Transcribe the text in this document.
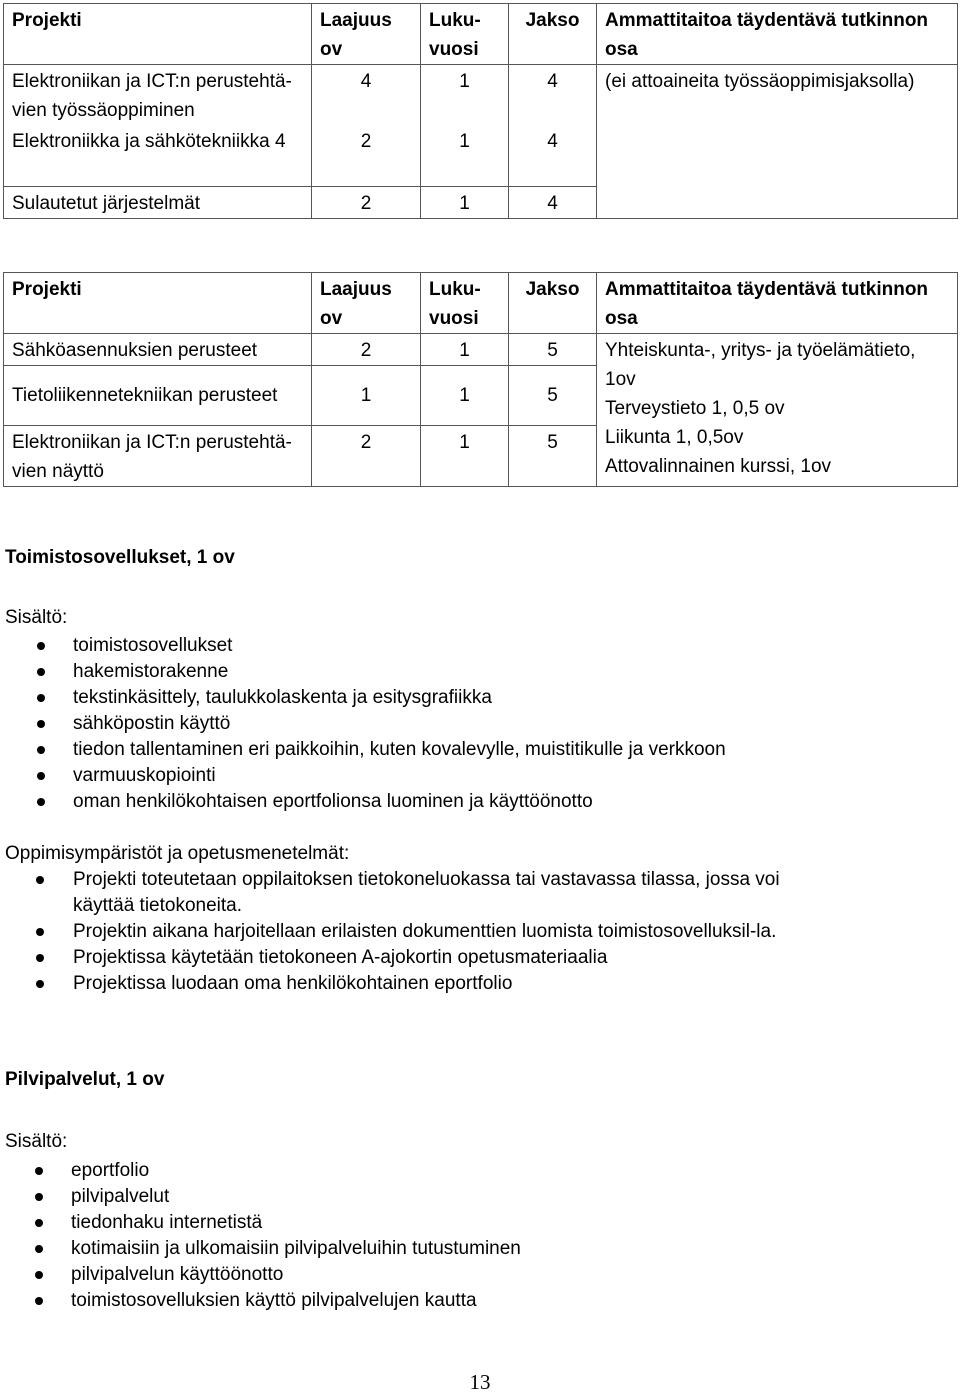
Projekti	Laajuus ov	Luku-vuosi	Jakso	Ammattitaitoa täydentävä tutkinnon osa
Elektroniikan ja ICT:n perustehtä-vien työssäoppiminen	4	1	4	(ei attoaineita työssäoppimisjaksolla)
Elektroniikka ja sähkötekniikka 4	2	1	4	
Sulautetut järjestelmät	2	1	4	
Projekti	Laajuus ov	Luku-vuosi	Jakso	Ammattitaitoa täydentävä tutkinnon osa
Sähköasennuksien perusteet	2	1	5	Yhteiskunta-, yritys- ja työelämätieto,
1ov
Terveystieto 1, 0,5 ov
Liikunta 1, 0,5ov
Attovalinnainen kurssi, 1ov

Tietoliikennetekniikan perusteet	1	1	5	
Elektroniikan ja ICT:n perustehtä-vien näyttö	2	1	5	
Toimistosovellukset, 1 ov
Sisältö:
toimistosovellukset
hakemistorakenne
tekstinkäsittely, taulukkolaskenta ja esitysgrafiikka
sähköpostin käyttö
tiedon tallentaminen eri paikkoihin, kuten kovalevylle, muistitikulle ja verkkoon
varmuuskopiointi
oman henkilökohtaisen eportfolionsa luominen ja käyttöönotto
Oppimisympäristöt ja opetusmenetelmät:
Projekti toteutetaan oppilaitoksen tietokoneluokassa tai vastavassa tilassa, jossa voi käyttää tietokoneita.
Projektin aikana harjoitellaan erilaisten dokumenttien luomista toimistosovelluksil-la.
Projektissa käytetään tietokoneen A-ajokortin opetusmateriaalia
Projektissa luodaan oma henkilökohtainen eportfolio
Pilvipalvelut, 1 ov
Sisältö:
eportfolio
pilvipalvelut
tiedonhaku internetistä
kotimaisiin ja ulkomaisiin pilvipalveluihin tutustuminen
pilvipalvelun käyttöönotto
toimistosovelluksien käyttö pilvipalvelujen kautta
13
